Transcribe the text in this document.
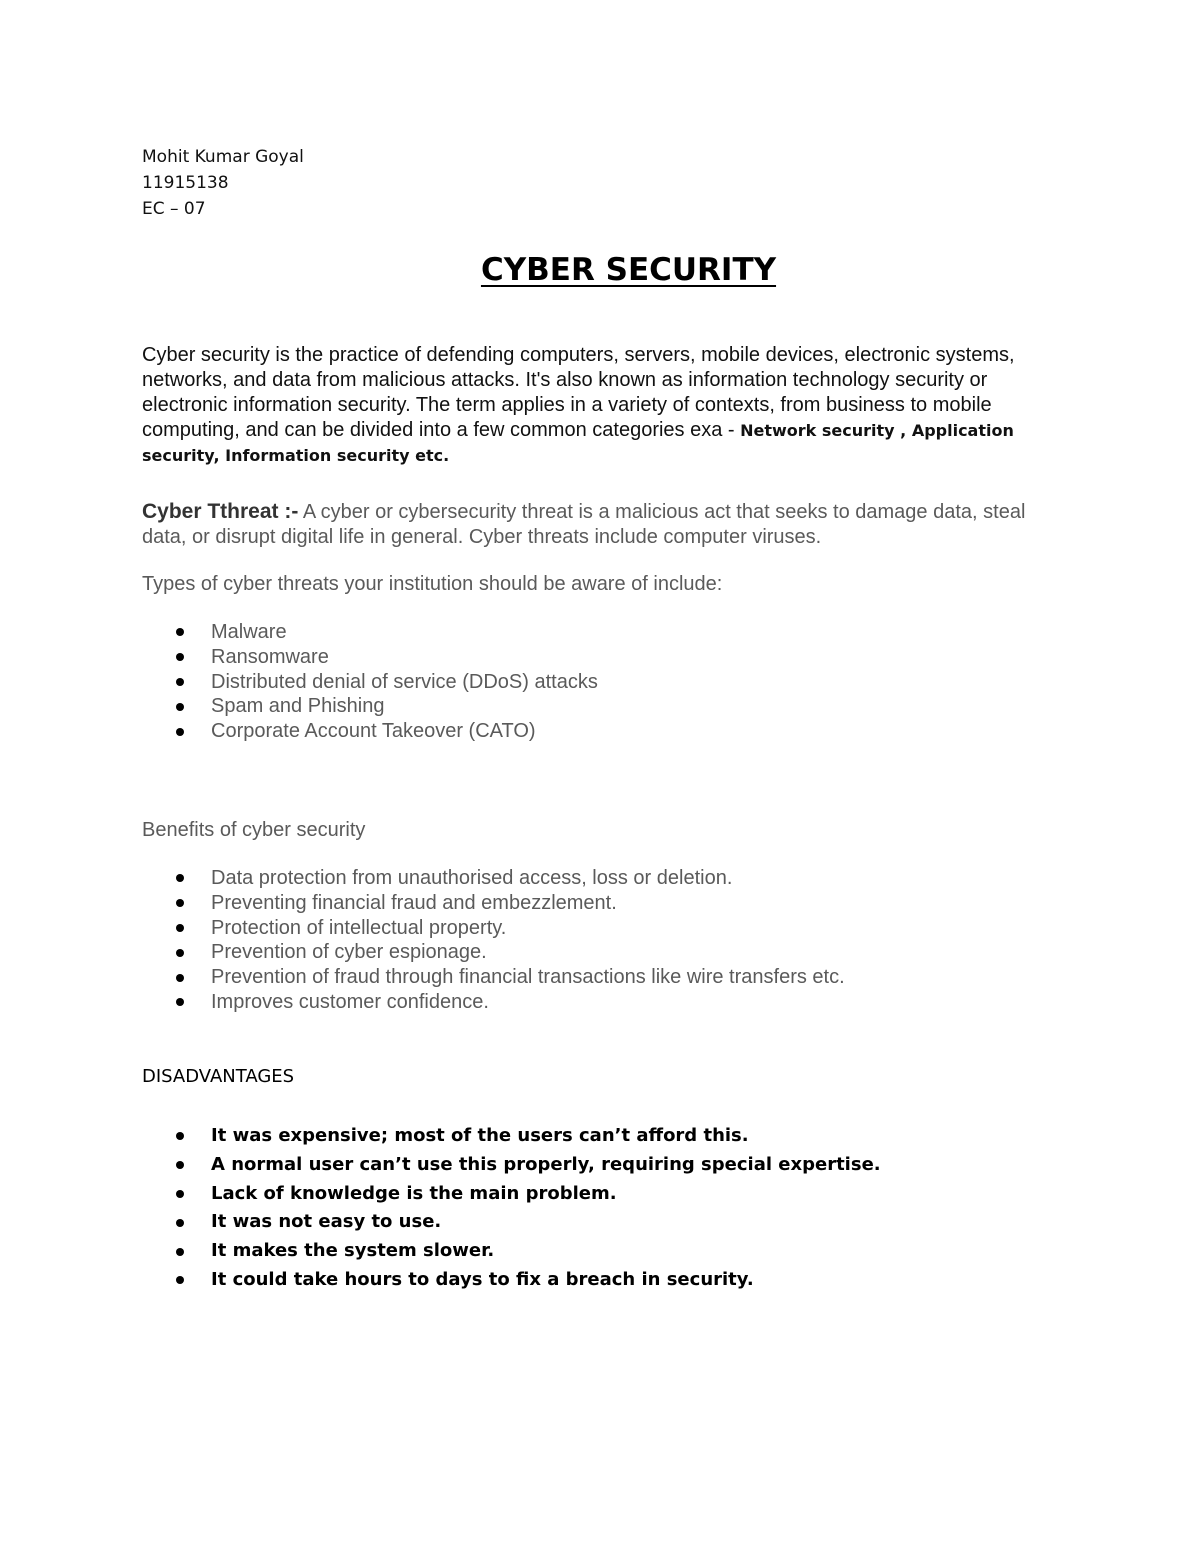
Mohit Kumar Goyal
11915138
EC – 07
CYBER SECURITY
Cyber security is the practice of defending computers, servers, mobile devices, electronic systems, networks, and data from malicious attacks. It's also known as information technology security or electronic information security. The term applies in a variety of contexts, from business to mobile computing, and can be divided into a few common categories exa - Network security , Application security, Information security etc.
Cyber Tthreat :- A cyber or cybersecurity threat is a malicious act that seeks to damage data, steal data, or disrupt digital life in general. Cyber threats include computer viruses.
Types of cyber threats your institution should be aware of include:
Malware
Ransomware
Distributed denial of service (DDoS) attacks
Spam and Phishing
Corporate Account Takeover (CATO)
Benefits of cyber security
Data protection from unauthorised access, loss or deletion.
Preventing financial fraud and embezzlement.
Protection of intellectual property.
Prevention of cyber espionage.
Prevention of fraud through financial transactions like wire transfers etc.
Improves customer confidence.
DISADVANTAGES
It was expensive; most of the users can’t afford this.
A normal user can’t use this properly, requiring special expertise.
Lack of knowledge is the main problem.
It was not easy to use.
It makes the system slower.
It could take hours to days to fix a breach in security.
